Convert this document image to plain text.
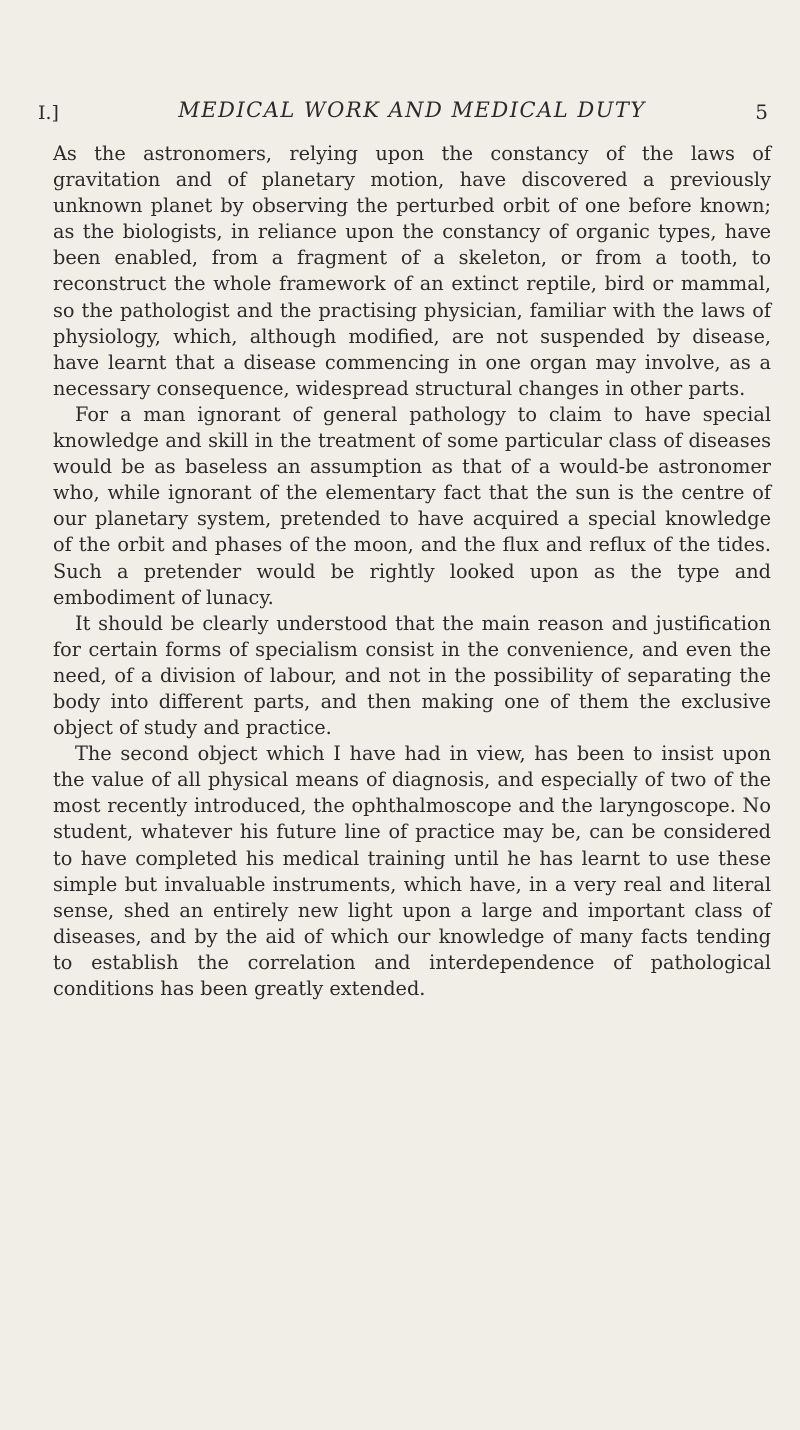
I.]	MEDICAL WORK AND MEDICAL DUTY	5

As the astronomers, relying upon the constancy of the laws of gravitation and of planetary motion, have discovered a previously unknown planet by observing the perturbed orbit of one before known; as the biologists, in reliance upon the constancy of organic types, have been enabled, from a fragment of a skeleton, or from a tooth, to reconstruct the whole framework of an extinct reptile, bird or mammal, so the pathologist and the practising physician, familiar with the laws of physiology, which, although modified, are not suspended by disease, have learnt that a disease commencing in one organ may involve, as a necessary consequence, widespread structural changes in other parts.

For a man ignorant of general pathology to claim to have special knowledge and skill in the treatment of some particular class of diseases would be as baseless an assumption as that of a would-be astronomer who, while ignorant of the elementary fact that the sun is the centre of our planetary system, pretended to have acquired a special knowledge of the orbit and phases of the moon, and the flux and reflux of the tides. Such a pretender would be rightly looked upon as the type and embodiment of lunacy.

It should be clearly understood that the main reason and justification for certain forms of specialism consist in the convenience, and even the need, of a division of labour, and not in the possibility of separating the body into different parts, and then making one of them the exclusive object of study and practice.

The second object which I have had in view, has been to insist upon the value of all physical means of diagnosis, and especially of two of the most recently introduced, the ophthalmoscope and the laryngoscope. No student, whatever his future line of practice may be, can be considered to have completed his medical training until he has learnt to use these simple but invaluable instruments, which have, in a very real and literal sense, shed an entirely new light upon a large and important class of diseases, and by the aid of which our knowledge of many facts tending to establish the correlation and interdependence of pathological conditions has been greatly extended.
